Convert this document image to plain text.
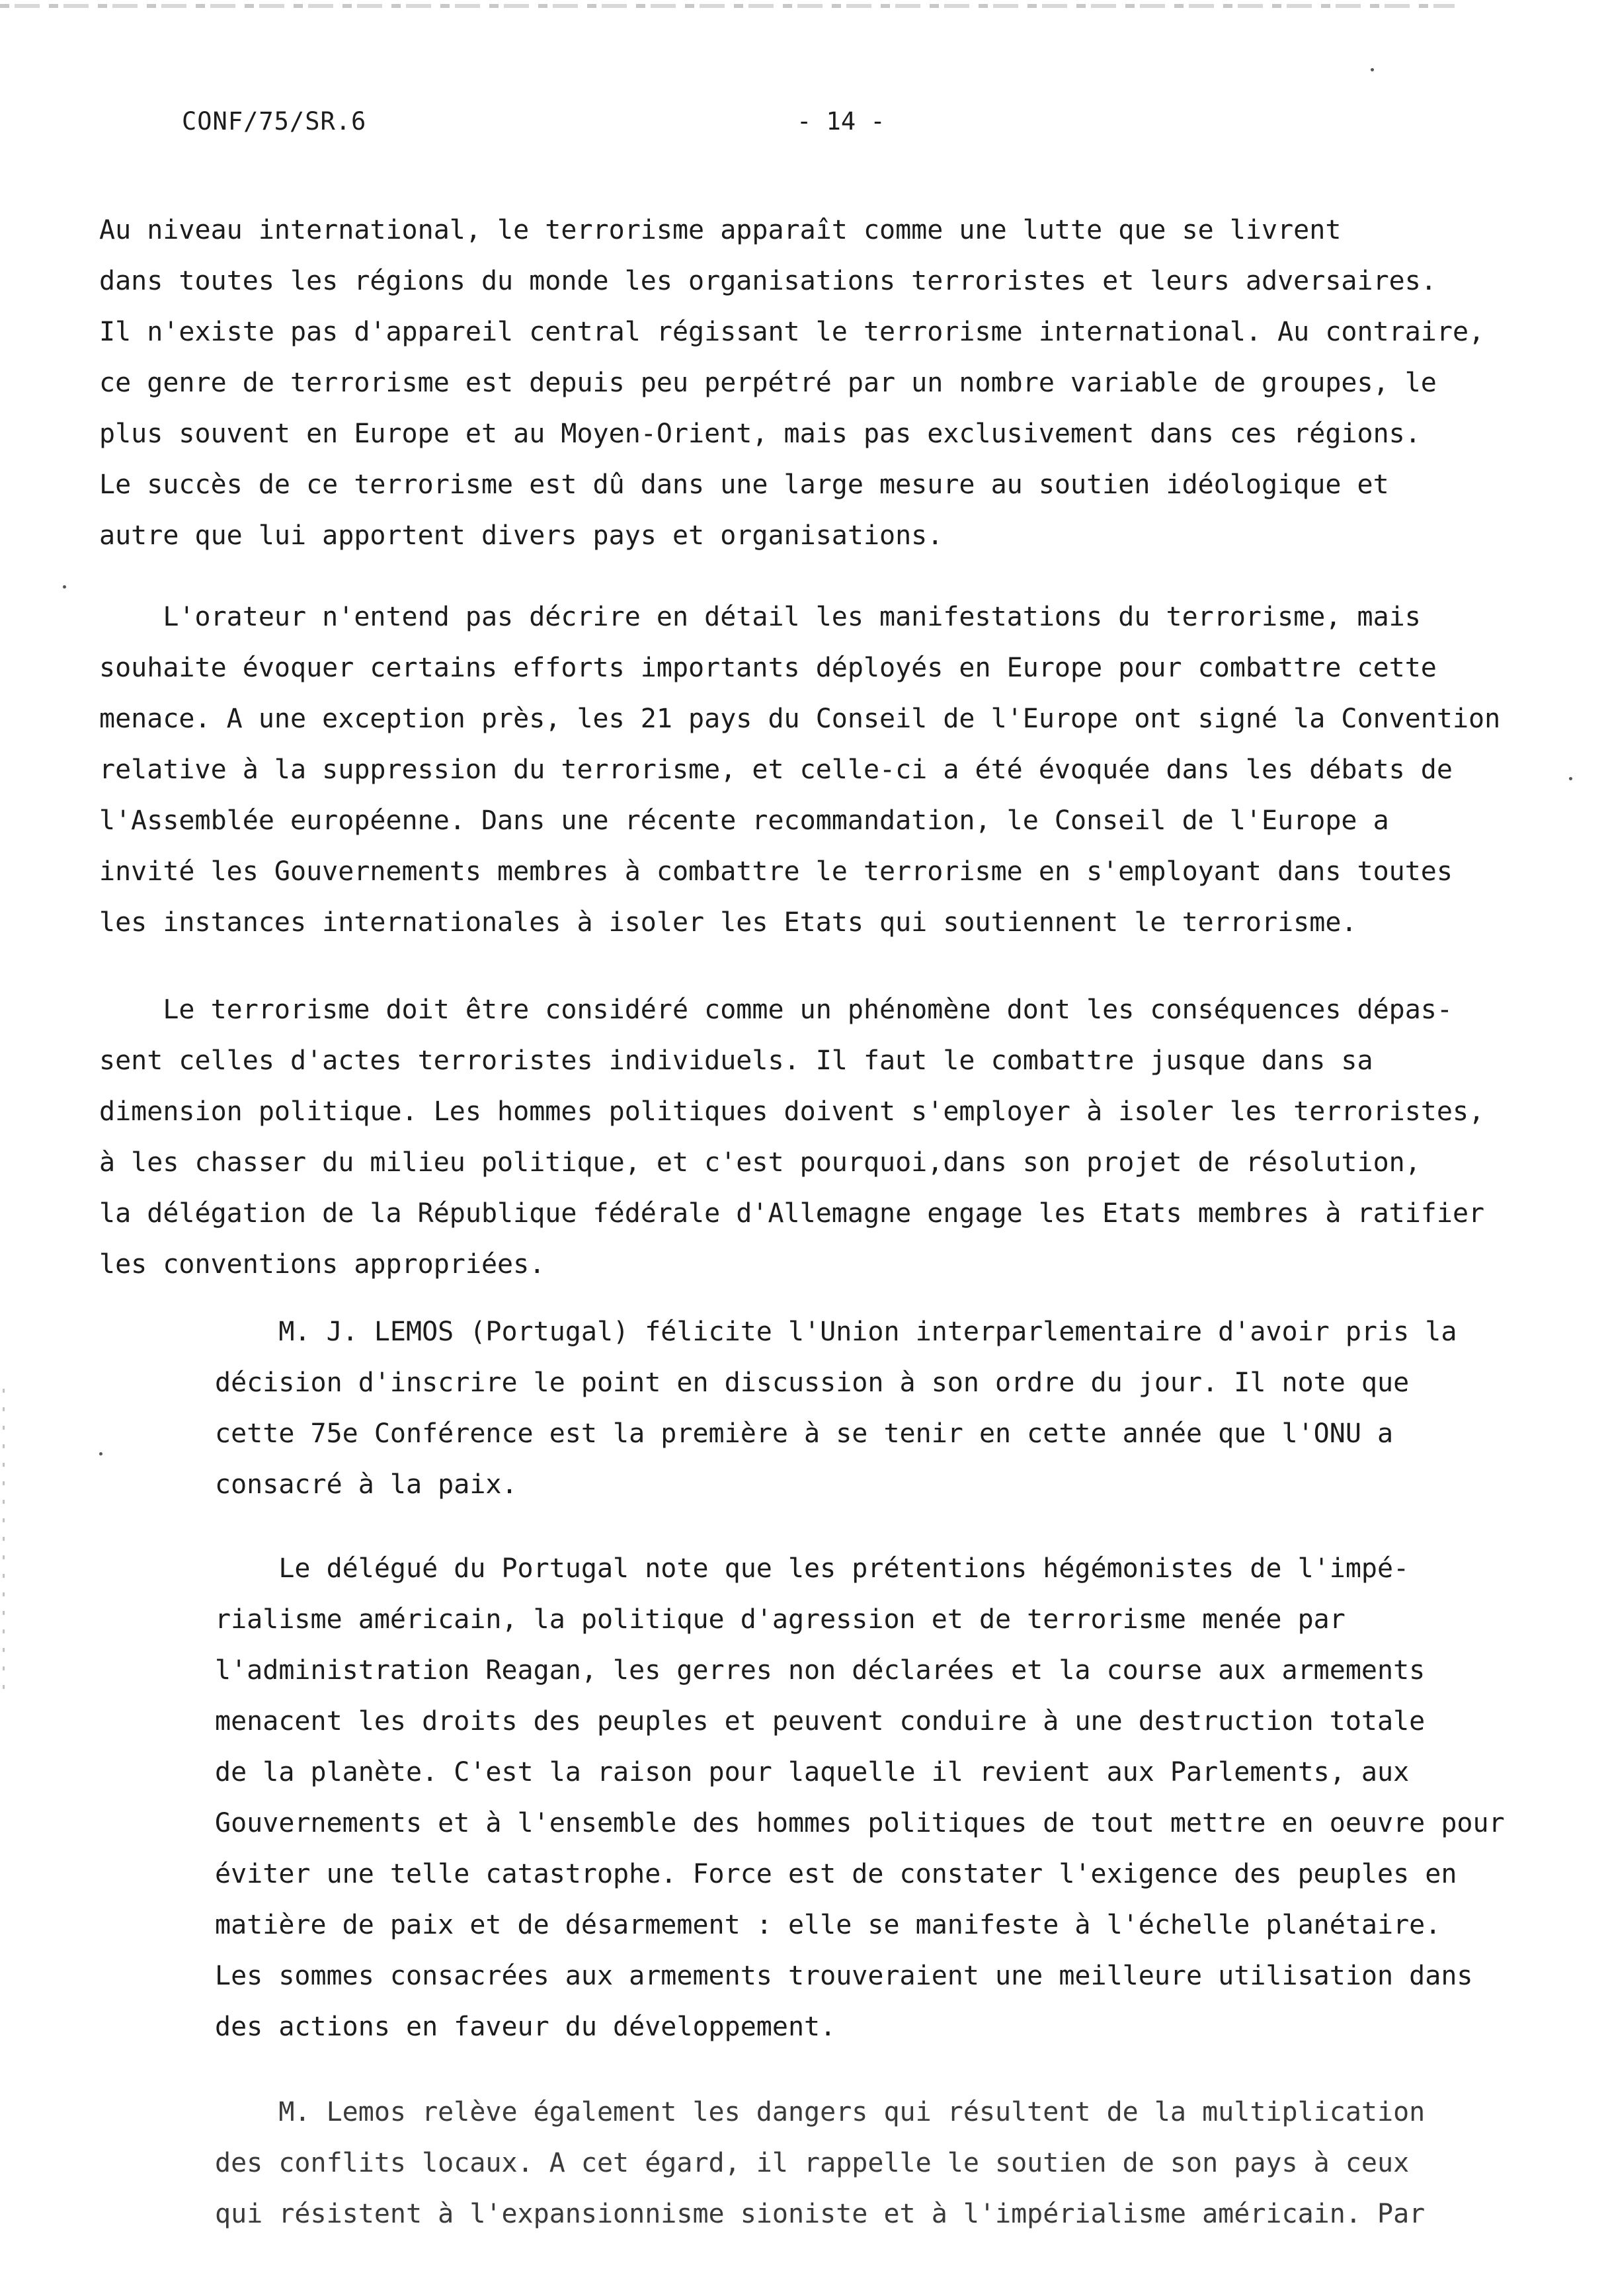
CONF/75/SR.6	- 14 -
Au niveau international, le terrorisme apparaît comme une lutte que se livrent
dans toutes les régions du monde les organisations terroristes et leurs adversaires.
Il n'existe pas d'appareil central régissant le terrorisme international. Au contraire,
ce genre de terrorisme est depuis peu perpétré par un nombre variable de groupes, le
plus souvent en Europe et au Moyen-Orient, mais pas exclusivement dans ces régions.
Le succès de ce terrorisme est dû dans une large mesure au soutien idéologique et
autre que lui apportent divers pays et organisations.
L'orateur n'entend pas décrire en détail les manifestations du terrorisme, mais
souhaite évoquer certains efforts importants déployés en Europe pour combattre cette
menace. A une exception près, les 21 pays du Conseil de l'Europe ont signé la Convention
relative à la suppression du terrorisme, et celle-ci a été évoquée dans les débats de
l'Assemblée européenne. Dans une récente recommandation, le Conseil de l'Europe a
invité les Gouvernements membres à combattre le terrorisme en s'employant dans toutes
les instances internationales à isoler les Etats qui soutiennent le terrorisme.
Le terrorisme doit être considéré comme un phénomène dont les conséquences dépas-
sent celles d'actes terroristes individuels. Il faut le combattre jusque dans sa
dimension politique. Les hommes politiques doivent s'employer à isoler les terroristes,
à les chasser du milieu politique, et c'est pourquoi,dans son projet de résolution,
la délégation de la République fédérale d'Allemagne engage les Etats membres à ratifier
les conventions appropriées.
M. J. LEMOS (Portugal) félicite l'Union interparlementaire d'avoir pris la
décision d'inscrire le point en discussion à son ordre du jour. Il note que
cette 75e Conférence est la première à se tenir en cette année que l'ONU a
consacré à la paix.
Le délégué du Portugal note que les prétentions hégémonistes de l'impé-
rialisme américain, la politique d'agression et de terrorisme menée par
l'administration Reagan, les gerres non déclarées et la course aux armements
menacent les droits des peuples et peuvent conduire à une destruction totale
de la planète. C'est la raison pour laquelle il revient aux Parlements, aux
Gouvernements et à l'ensemble des hommes politiques de tout mettre en oeuvre pour
éviter une telle catastrophe. Force est de constater l'exigence des peuples en
matière de paix et de désarmement : elle se manifeste à l'échelle planétaire.
Les sommes consacrées aux armements trouveraient une meilleure utilisation dans
des actions en faveur du développement.
M. Lemos relève également les dangers qui résultent de la multiplication
des conflits locaux. A cet égard, il rappelle le soutien de son pays à ceux
qui résistent à l'expansionnisme sioniste et à l'impérialisme américain. Par
